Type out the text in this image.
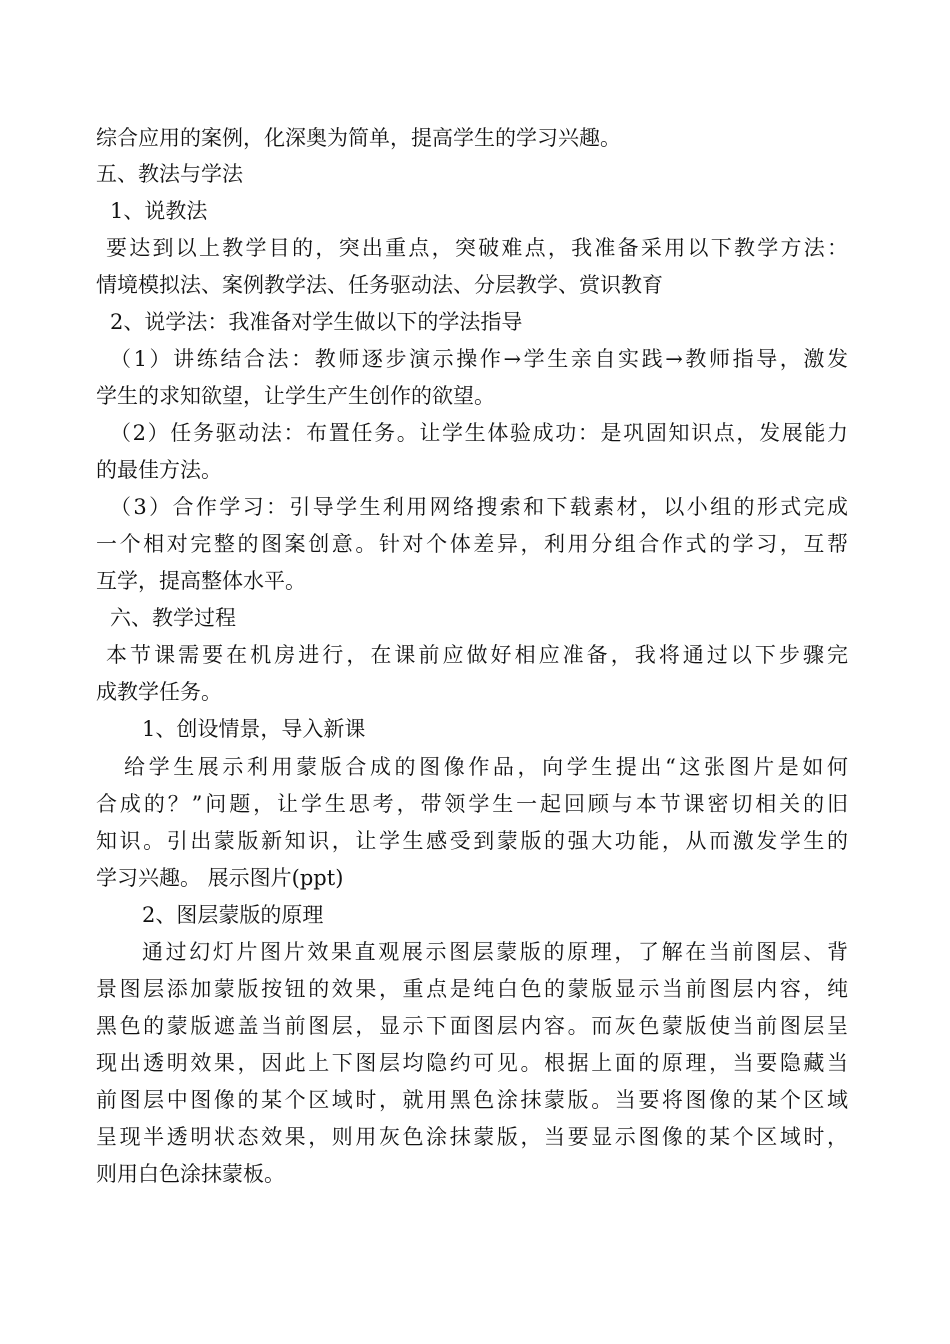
综合应用的案例，化深奥为简单，提高学生的学习兴趣。
五、教法与学法
1、说教法
要达到以上教学目的，突出重点，突破难点，我准备采用以下教学方法：
情境模拟法、案例教学法、任务驱动法、分层教学、赏识教育
2、说学法：我准备对学生做以下的学法指导
（1）讲练结合法：教师逐步演示操作→学生亲自实践→教师指导，激发
学生的求知欲望，让学生产生创作的欲望。
（2）任务驱动法：布置任务。让学生体验成功：是巩固知识点，发展能力
的最佳方法。
（3）合作学习：引导学生利用网络搜索和下载素材，以小组的形式完成
一个相对完整的图案创意。针对个体差异，利用分组合作式的学习，互帮
互学，提高整体水平。
六、教学过程
本节课需要在机房进行，在课前应做好相应准备，我将通过以下步骤完
成教学任务。
1、创设情景，导入新课
给学生展示利用蒙版合成的图像作品，向学生提出“这张图片是如何
合成的？”问题，让学生思考，带领学生一起回顾与本节课密切相关的旧
知识。引出蒙版新知识，让学生感受到蒙版的强大功能，从而激发学生的
学习兴趣。 展示图片(ppt)
2、图层蒙版的原理
通过幻灯片图片效果直观展示图层蒙版的原理，了解在当前图层、背
景图层添加蒙版按钮的效果，重点是纯白色的蒙版显示当前图层内容，纯
黑色的蒙版遮盖当前图层，显示下面图层内容。而灰色蒙版使当前图层呈
现出透明效果，因此上下图层均隐约可见。根据上面的原理，当要隐藏当
前图层中图像的某个区域时，就用黑色涂抹蒙版。当要将图像的某个区域
呈现半透明状态效果，则用灰色涂抹蒙版，当要显示图像的某个区域时，
则用白色涂抹蒙板。
